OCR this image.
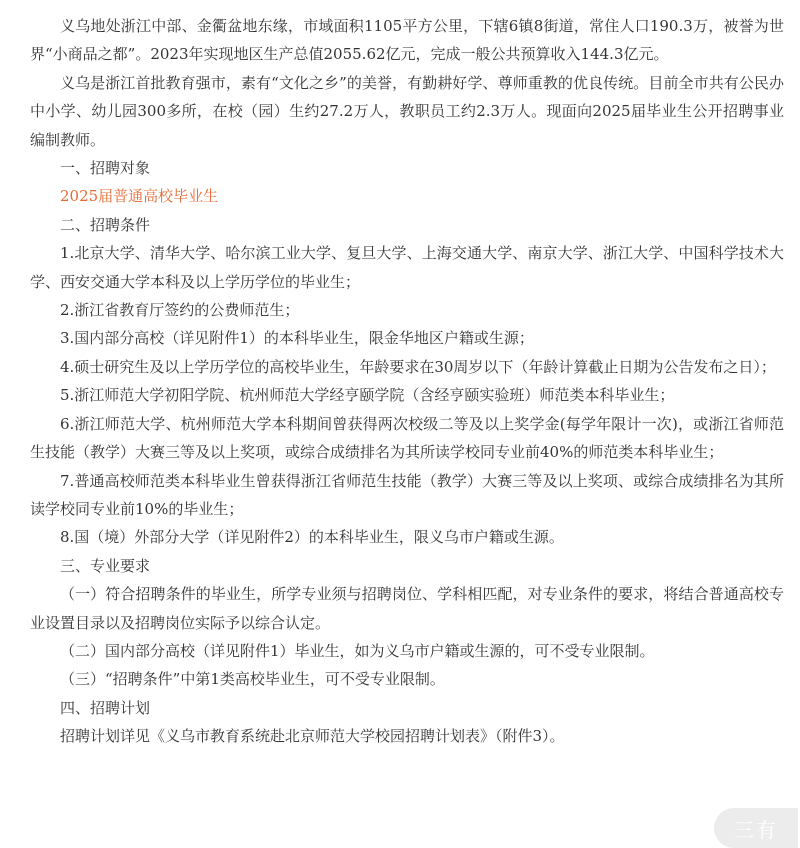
义乌地处浙江中部、金衢盆地东缘，市域面积1105平方公里，下辖6镇8街道，常住人口190.3万，被誉为世界“小商品之都”。2023年实现地区生产总值2055.62亿元，完成一般公共预算收入144.3亿元。

义乌是浙江首批教育强市，素有“文化之乡”的美誉，有勤耕好学、尊师重教的优良传统。目前全市共有公民办中小学、幼儿园300多所，在校（园）生约27.2万人，教职员工约2.3万人。现面向2025届毕业生公开招聘事业编制教师。

一、招聘对象

2025届普通高校毕业生

二、招聘条件

1.北京大学、清华大学、哈尔滨工业大学、复旦大学、上海交通大学、南京大学、浙江大学、中国科学技术大学、西安交通大学本科及以上学历学位的毕业生；

2.浙江省教育厅签约的公费师范生；

3.国内部分高校（详见附件1）的本科毕业生，限金华地区户籍或生源；

4.硕士研究生及以上学历学位的高校毕业生，年龄要求在30周岁以下（年龄计算截止日期为公告发布之日）；

5.浙江师范大学初阳学院、杭州师范大学经亨颐学院（含经亨颐实验班）师范类本科毕业生；

6.浙江师范大学、杭州师范大学本科期间曾获得两次校级二等及以上奖学金(每学年限计一次)，或浙江省师范生技能（教学）大赛三等及以上奖项，或综合成绩排名为其所读学校同专业前40%的师范类本科毕业生；

7.普通高校师范类本科毕业生曾获得浙江省师范生技能（教学）大赛三等及以上奖项、或综合成绩排名为其所读学校同专业前10%的毕业生；

8.国（境）外部分大学（详见附件2）的本科毕业生，限义乌市户籍或生源。

三、专业要求

（一）符合招聘条件的毕业生，所学专业须与招聘岗位、学科相匹配，对专业条件的要求，将结合普通高校专业设置目录以及招聘岗位实际予以综合认定。

（二）国内部分高校（详见附件1）毕业生，如为义乌市户籍或生源的，可不受专业限制。

（三）“招聘条件”中第1类高校毕业生，可不受专业限制。

四、招聘计划

招聘计划详见《义乌市教育系统赴北京师范大学校园招聘计划表》（附件3）。

三有
